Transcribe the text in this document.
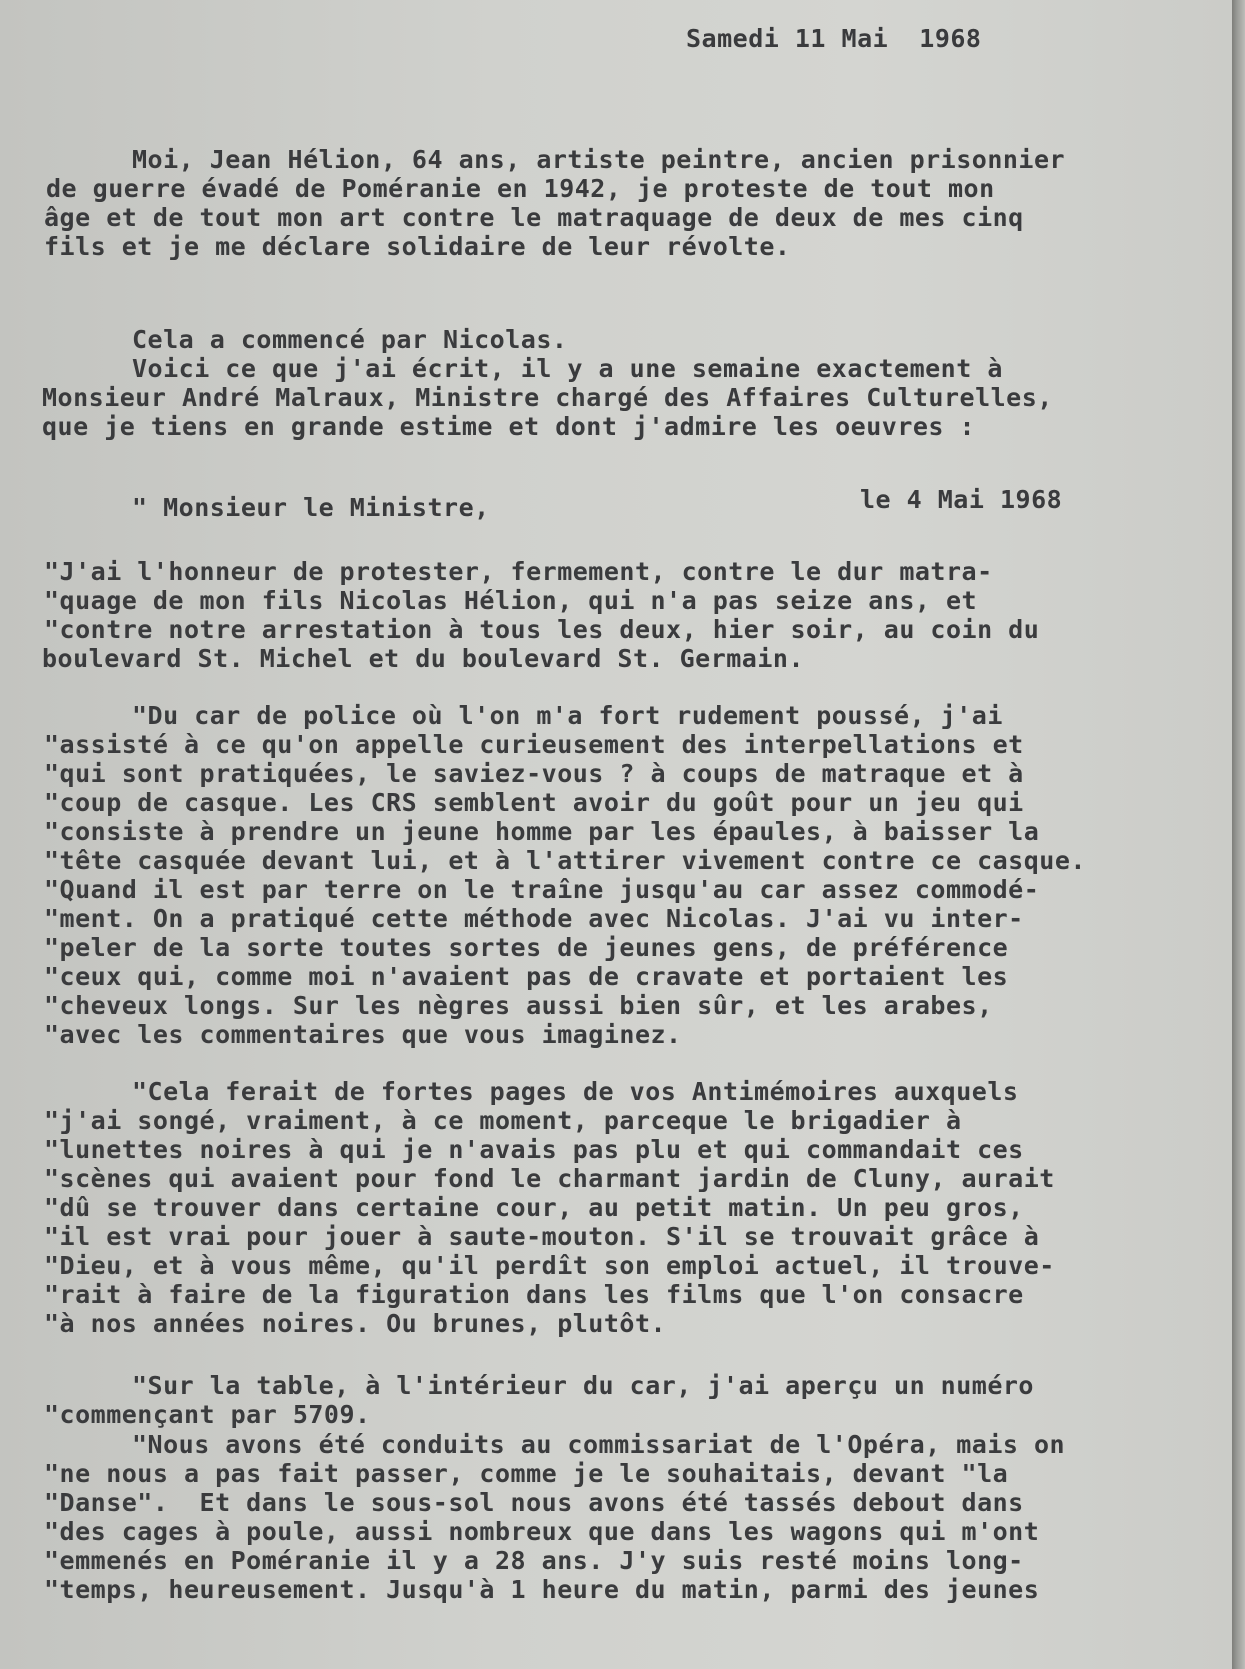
Samedi 11 Mai  1968

Moi, Jean Hélion, 64 ans, artiste peintre, ancien prisonnier

de guerre évadé de Poméranie en 1942, je proteste de tout mon

âge et de tout mon art contre le matraquage de deux de mes cinq

fils et je me déclare solidaire de leur révolte.

Cela a commencé par Nicolas.

Voici ce que j'ai écrit, il y a une semaine exactement à

Monsieur André Malraux, Ministre chargé des Affaires Culturelles,

que je tiens en grande estime et dont j'admire les oeuvres :

" Monsieur le Ministre,	le 4 Mai 1968

"J'ai l'honneur de protester, fermement, contre le dur matra-

"quage de mon fils Nicolas Hélion, qui n'a pas seize ans, et

"contre notre arrestation à tous les deux, hier soir, au coin du

boulevard St. Michel et du boulevard St. Germain.

"Du car de police où l'on m'a fort rudement poussé, j'ai

"assisté à ce qu'on appelle curieusement des interpellations et

"qui sont pratiquées, le saviez-vous ? à coups de matraque et à

"coup de casque. Les CRS semblent avoir du goût pour un jeu qui

"consiste à prendre un jeune homme par les épaules, à baisser la

"tête casquée devant lui, et à l'attirer vivement contre ce casque.

"Quand il est par terre on le traîne jusqu'au car assez commodé-

"ment. On a pratiqué cette méthode avec Nicolas. J'ai vu inter-

"peler de la sorte toutes sortes de jeunes gens, de préférence

"ceux qui, comme moi n'avaient pas de cravate et portaient les

"cheveux longs. Sur les nègres aussi bien sûr, et les arabes,

"avec les commentaires que vous imaginez.

"Cela ferait de fortes pages de vos Antimémoires auxquels

"j'ai songé, vraiment, à ce moment, parceque le brigadier à

"lunettes noires à qui je n'avais pas plu et qui commandait ces

"scènes qui avaient pour fond le charmant jardin de Cluny, aurait

"dû se trouver dans certaine cour, au petit matin. Un peu gros,

"il est vrai pour jouer à saute-mouton. S'il se trouvait grâce à

"Dieu, et à vous même, qu'il perdît son emploi actuel, il trouve-

"rait à faire de la figuration dans les films que l'on consacre

"à nos années noires. Ou brunes, plutôt.

"Sur la table, à l'intérieur du car, j'ai aperçu un numéro

"commençant par 5709.

"Nous avons été conduits au commissariat de l'Opéra, mais on

"ne nous a pas fait passer, comme je le souhaitais, devant "la

"Danse".  Et dans le sous-sol nous avons été tassés debout dans

"des cages à poule, aussi nombreux que dans les wagons qui m'ont

"emmenés en Poméranie il y a 28 ans. J'y suis resté moins long-

"temps, heureusement. Jusqu'à 1 heure du matin, parmi des jeunes
